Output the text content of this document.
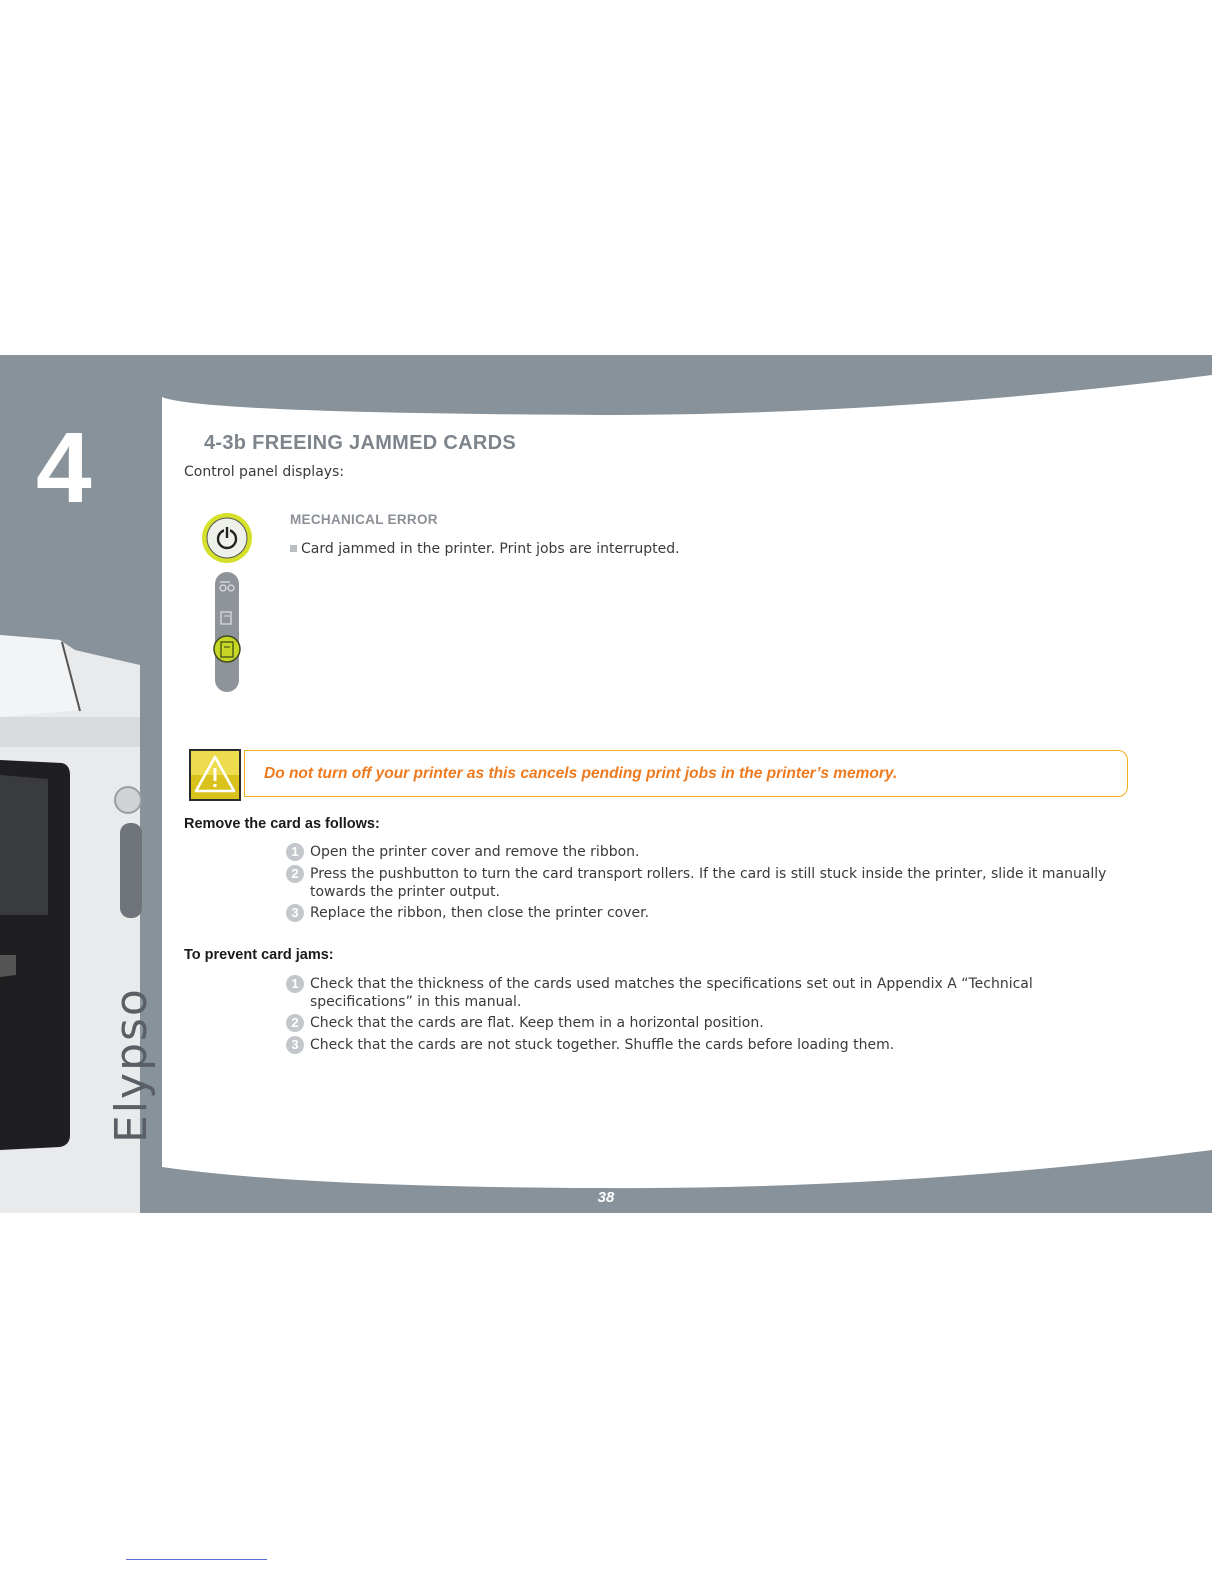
Elypso
4	4-3b FREEING JAMMED CARDS
Control panel displays:
MECHANICAL ERROR
Card jammed in the printer. Print jobs are interrupted.
Do not turn off your printer as this cancels pending print jobs in the printer’s memory.
Remove the card as follows:
1 Open the printer cover and remove the ribbon.
2 Press the pushbutton to turn the card transport rollers. If the card is still stuck inside the printer, slide it manually towards the printer output.
3 Replace the ribbon, then close the printer cover.
To prevent card jams:
1 Check that the thickness of the cards used matches the specifications set out in Appendix A “Technical specifications” in this manual.
2 Check that the cards are flat. Keep them in a horizontal position.
3 Check that the cards are not stuck together. Shuffle the cards before loading them.
38
